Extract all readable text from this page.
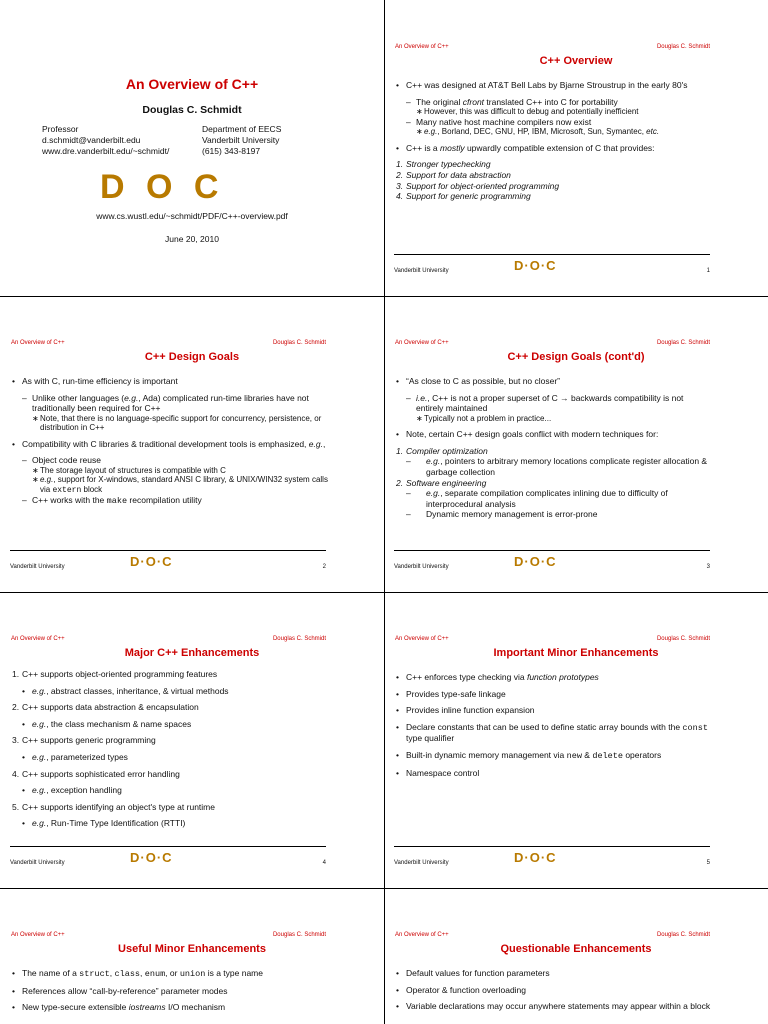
An Overview of C++
Douglas C. Schmidt
Professor
d.schmidt@vanderbilt.edu
www.dre.vanderbilt.edu/~schmidt/
Department of EECS
Vanderbilt University
(615) 343-8197
D O C
www.cs.wustl.edu/~schmidt/PDF/C++-overview.pdf
June 20, 2010
An Overview of C++	Douglas C. Schmidt
C++ Overview

• C++ was designed at AT&T Bell Labs by Bjarne Stroustrup in the early 80's

– The original cfront translated C++ into C for portability

∗ However, this was difficult to debug and potentially inefficient

– Many native host machine compilers now exist

∗ e.g., Borland, DEC, GNU, HP, IBM, Microsoft, Sun, Symantec, etc.

• C++ is a mostly upwardly compatible extension of C that provides:

1. Stronger typechecking

2. Support for data abstraction

3. Support for object-oriented programming

4. Support for generic programming

Vanderbilt University	D·O·C	1
An Overview of C++	Douglas C. Schmidt
C++ Design Goals

• As with C, run-time efficiency is important

– Unlike other languages (e.g., Ada) complicated run-time libraries have not traditionally been required for C++

∗ Note, that there is no language-specific support for concurrency, persistence, or distribution in C++

• Compatibility with C libraries & traditional development tools is emphasized, e.g.,

– Object code reuse

∗ The storage layout of structures is compatible with C

∗ e.g., support for X-windows, standard ANSI C library, & UNIX/WIN32 system calls via extern block

– C++ works with the make recompilation utility

Vanderbilt University	D·O·C	2
An Overview of C++	Douglas C. Schmidt
C++ Design Goals (cont'd)

• “As close to C as possible, but no closer”

– i.e., C++ is not a proper superset of C → backwards compatibility is not entirely maintained

∗ Typically not a problem in practice...

• Note, certain C++ design goals conflict with modern techniques for:

1. Compiler optimization

– e.g., pointers to arbitrary memory locations complicate register allocation & garbage collection

2. Software engineering

– e.g., separate compilation complicates inlining due to difficulty of interprocedural analysis

– Dynamic memory management is error-prone

Vanderbilt University	D·O·C	3
An Overview of C++	Douglas C. Schmidt
Major C++ Enhancements

1. C++ supports object-oriented programming features

• e.g., abstract classes, inheritance, & virtual methods

2. C++ supports data abstraction & encapsulation

• e.g., the class mechanism & name spaces

3. C++ supports generic programming

• e.g., parameterized types

4. C++ supports sophisticated error handling

• e.g., exception handling

5. C++ supports identifying an object's type at runtime

• e.g., Run-Time Type Identification (RTTI)

Vanderbilt University	D·O·C	4
An Overview of C++	Douglas C. Schmidt
Important Minor Enhancements

• C++ enforces type checking via function prototypes

• Provides type-safe linkage

• Provides inline function expansion

• Declare constants that can be used to define static array bounds with the const type qualifier

• Built-in dynamic memory management via new & delete operators

• Namespace control

Vanderbilt University	D·O·C	5
An Overview of C++	Douglas C. Schmidt
Useful Minor Enhancements

• The name of a struct, class, enum, or union is a type name

• References allow “call-by-reference” parameter modes

• New type-secure extensible iostreams I/O mechanism

An Overview of C++	Douglas C. Schmidt
Questionable Enhancements

• Default values for function parameters

• Operator & function overloading

• Variable declarations may occur anywhere statements may appear within a block
